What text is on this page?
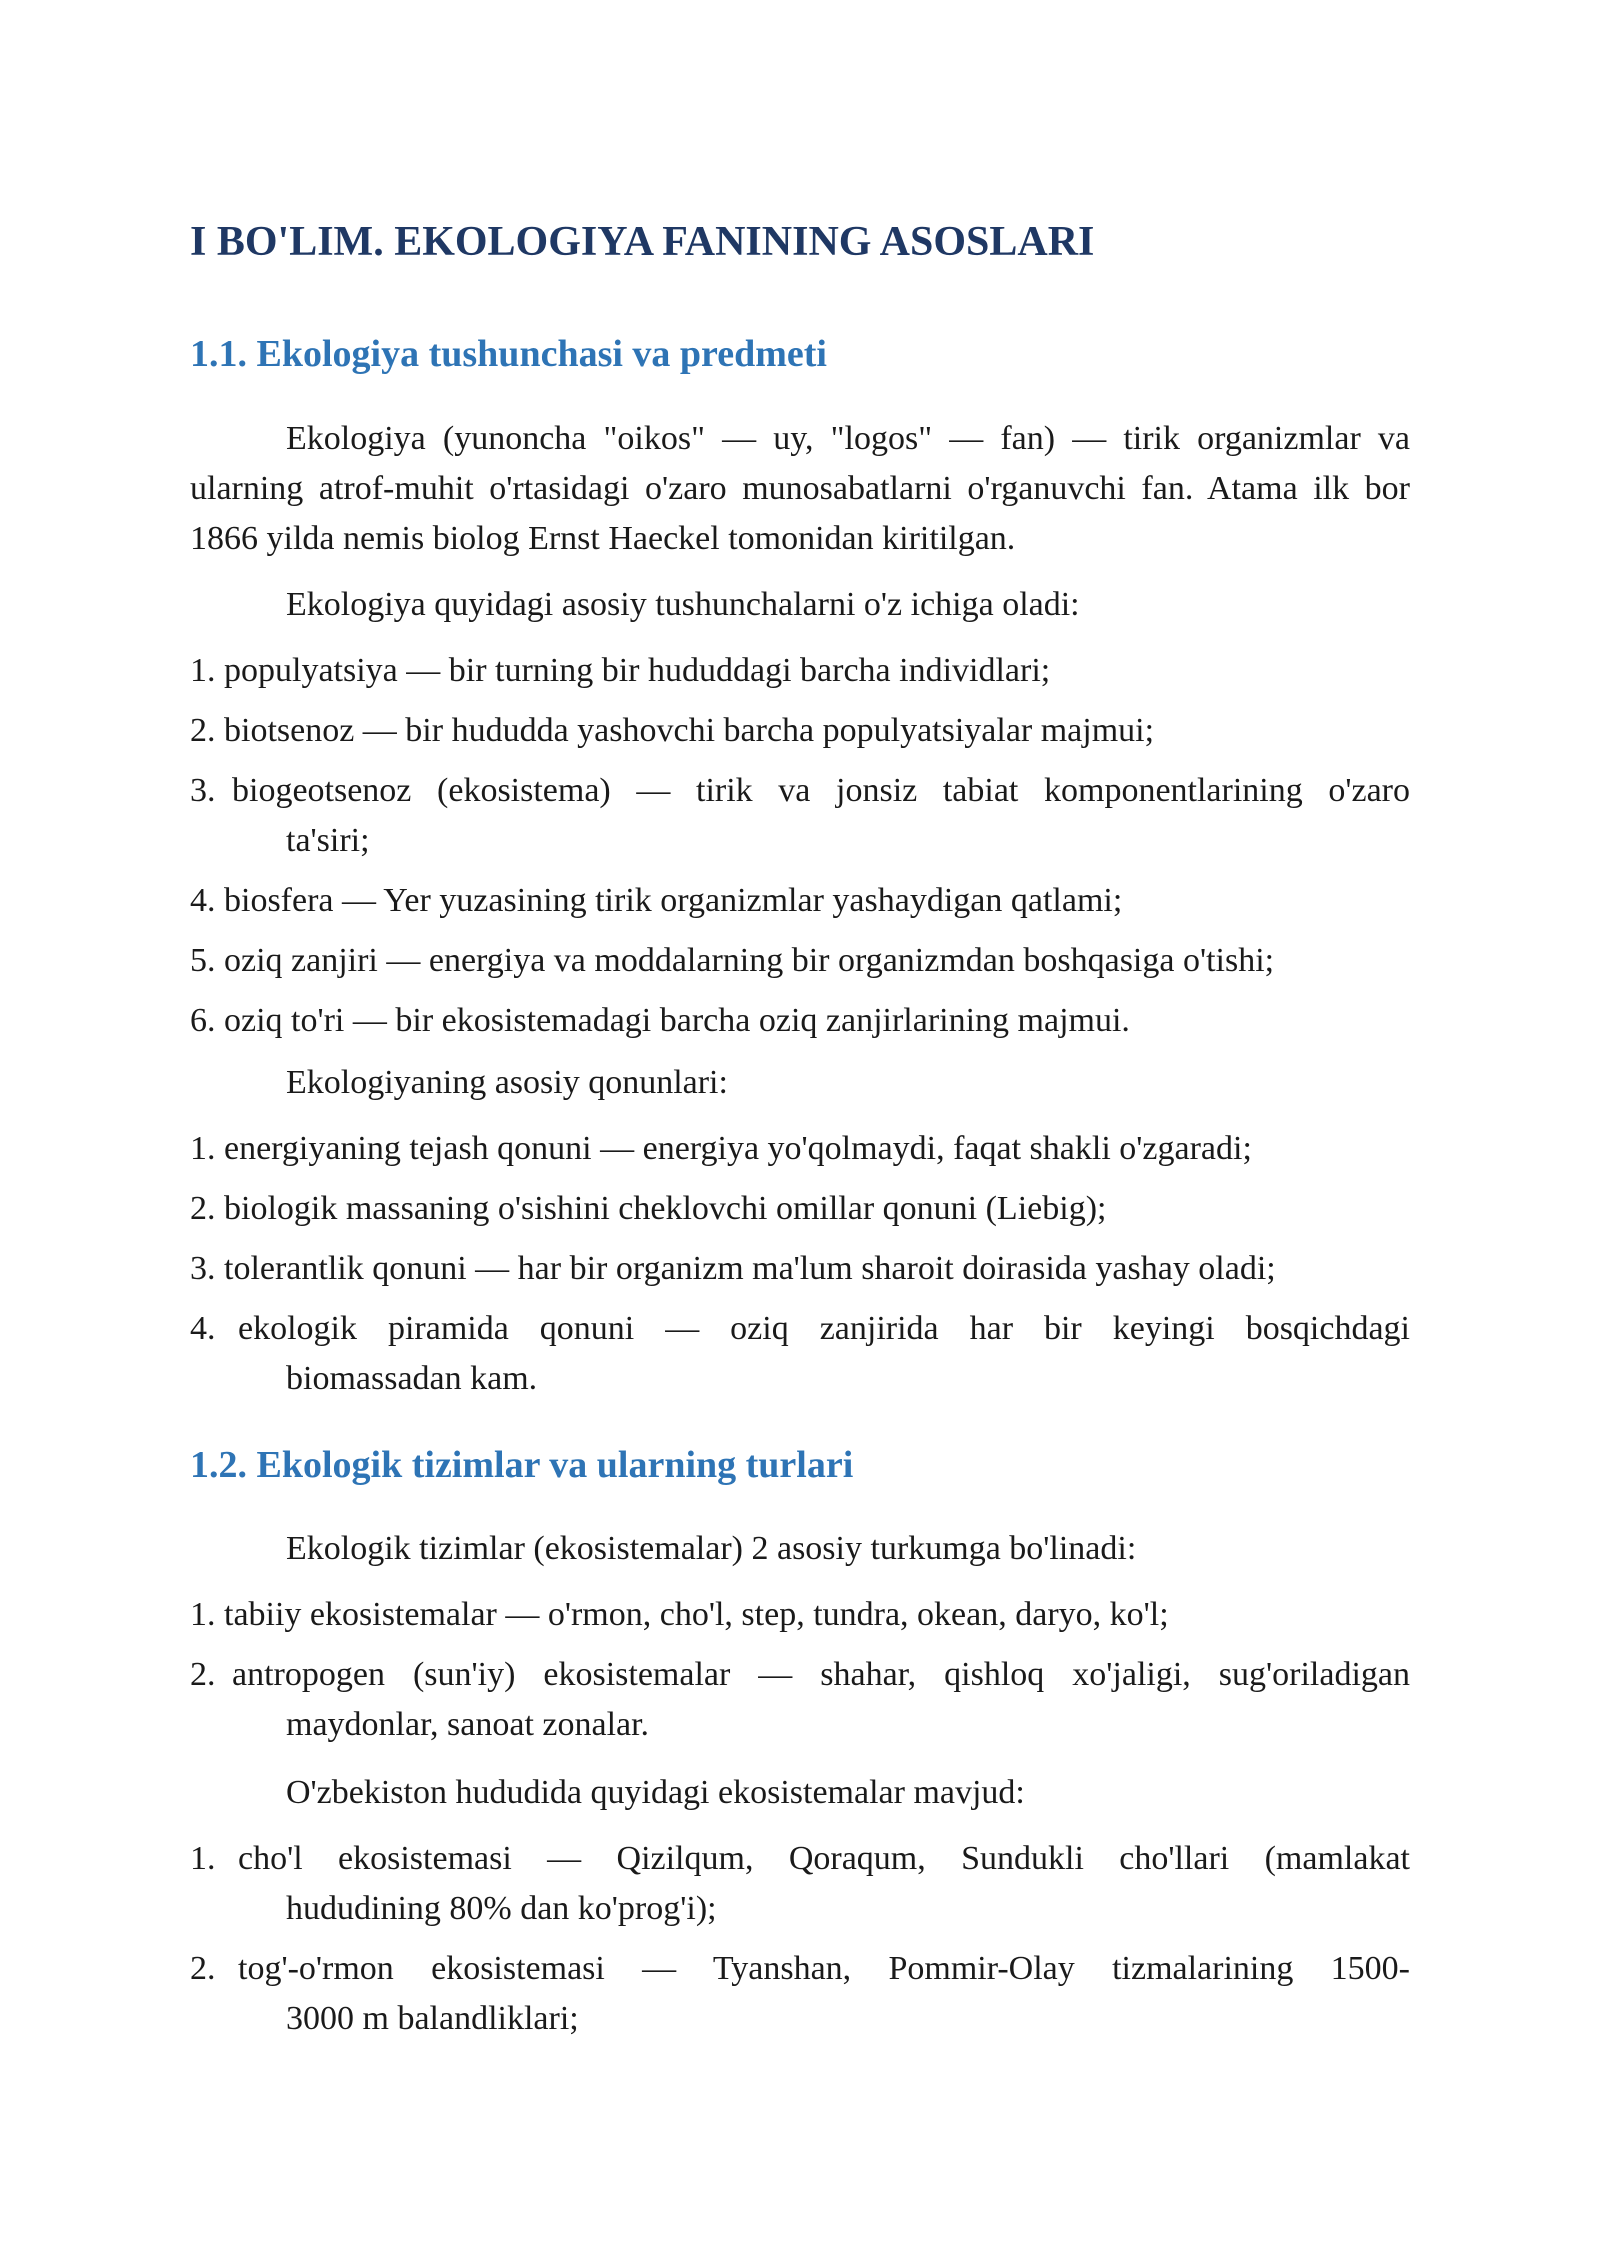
I BO'LIM. EKOLOGIYA FANINING ASOSLARI
1.1. Ekologiya tushunchasi va predmeti

Ekologiya (yunoncha "oikos" — uy, "logos" — fan) — tirik organizmlar va ularning atrof-muhit o'rtasidagi o'zaro munosabatlarni o'rganuvchi fan. Atama ilk bor 1866 yilda nemis biolog Ernst Haeckel tomonidan kiritilgan.

Ekologiya quyidagi asosiy tushunchalarni o'z ichiga oladi:

1. populyatsiya — bir turning bir hududdagi barcha individlari;
2. biotsenoz — bir hududda yashovchi barcha populyatsiyalar majmui;
3. biogeotsenoz (ekosistema) — tirik va jonsiz tabiat komponentlarining o'zaro
ta'siri;
4. biosfera — Yer yuzasining tirik organizmlar yashaydigan qatlami;
5. oziq zanjiri — energiya va moddalarning bir organizmdan boshqasiga o'tishi;
6. oziq to'ri — bir ekosistemadagi barcha oziq zanjirlarining majmui.

Ekologiyaning asosiy qonunlari:

1. energiyaning tejash qonuni — energiya yo'qolmaydi, faqat shakli o'zgaradi;
2. biologik massaning o'sishini cheklovchi omillar qonuni (Liebig);
3. tolerantlik qonuni — har bir organizm ma'lum sharoit doirasida yashay oladi;
4. ekologik piramida qonuni — oziq zanjirida har bir keyingi bosqichdagi
biomassadan kam.
1.2. Ekologik tizimlar va ularning turlari

Ekologik tizimlar (ekosistemalar) 2 asosiy turkumga bo'linadi:

1. tabiiy ekosistemalar — o'rmon, cho'l, step, tundra, okean, daryo, ko'l;
2. antropogen (sun'iy) ekosistemalar — shahar, qishloq xo'jaligi, sug'oriladigan
maydonlar, sanoat zonalar.

O'zbekiston hududida quyidagi ekosistemalar mavjud:

1. cho'l ekosistemasi — Qizilqum, Qoraqum, Sundukli cho'llari (mamlakat
hududining 80% dan ko'prog'i);
2. tog'-o'rmon ekosistemasi — Tyanshan, Pommir-Olay tizmalarining 1500-
3000 m balandliklari;
